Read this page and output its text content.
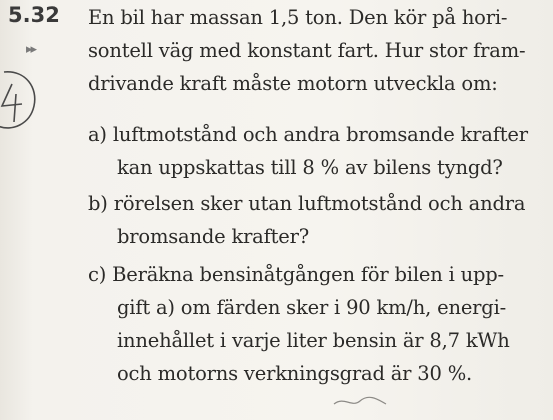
5.32
▸▸
En bil har massan 1,5 ton. Den kör på hori-
sontell väg med konstant fart. Hur stor fram-
drivande kraft måste motorn utveckla om:
a) luftmotstånd och andra bromsande krafter
kan uppskattas till 8 % av bilens tyngd?
b) rörelsen sker utan luftmotstånd och andra
bromsande krafter?
c) Beräkna bensinåtgången för bilen i upp-
gift a) om färden sker i 90 km/h, energi-
innehållet i varje liter bensin är 8,7 kWh
och motorns verkningsgrad är 30 %.
